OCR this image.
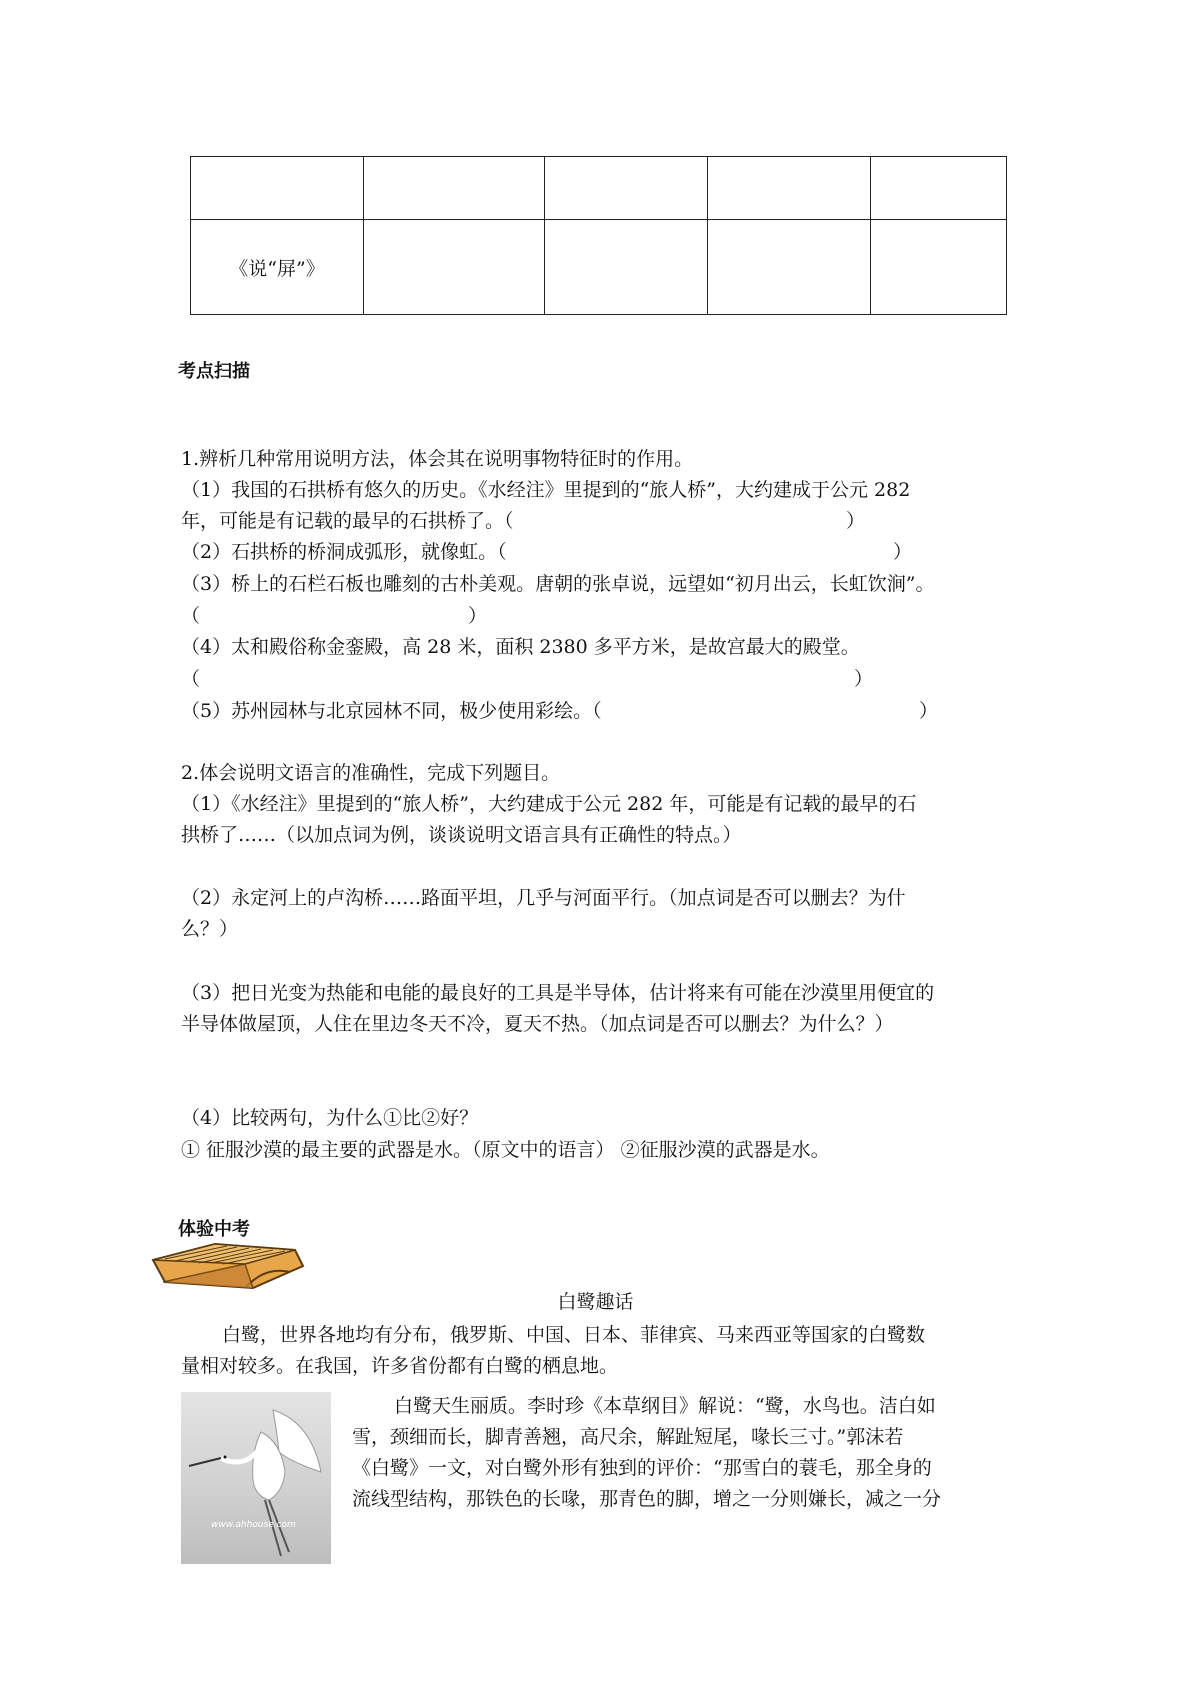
《说“屏”》				
考点扫描
1.辨析几种常用说明方法，体会其在说明事物特征时的作用。
（1）我国的石拱桥有悠久的历史。《水经注》里提到的“旅人桥”，大约建成于公元 282
年，可能是有记载的最早的石拱桥了。（	）
（2）石拱桥的桥洞成弧形，就像虹。（	）
（3）桥上的石栏石板也雕刻的古朴美观。唐朝的张卓说，远望如“初月出云，长虹饮涧”。
（	）
（4）太和殿俗称金銮殿，高 28 米，面积 2380 多平方米，是故宫最大的殿堂。
（	）
（5）苏州园林与北京园林不同，极少使用彩绘。（	）
2.体会说明文语言的准确性，完成下列题目。
（1）《水经注》里提到的“旅人桥”，大约建成于公元 282 年，可能是有记载的最早的石
拱桥了……（以加点词为例，谈谈说明文语言具有正确性的特点。）
（2）永定河上的卢沟桥……路面平坦，几乎与河面平行。（加点词是否可以删去？为什
么？）
（3）把日光变为热能和电能的最良好的工具是半导体，估计将来有可能在沙漠里用便宜的
半导体做屋顶，人住在里边冬天不冷，夏天不热。（加点词是否可以删去？为什么？）
（4）比较两句，为什么①比②好？
① 征服沙漠的最主要的武器是水。（原文中的语言） ②征服沙漠的武器是水。
体验中考
白鹭趣话
白鹭，世界各地均有分布，俄罗斯、中国、日本、菲律宾、马来西亚等国家的白鹭数
量相对较多。在我国，许多省份都有白鹭的栖息地。
www.ahhouse.com
白鹭天生丽质。李时珍《本草纲目》解说：“鹭，水鸟也。洁白如
雪，颈细而长，脚青善翘，高尺余，解趾短尾，喙长三寸。”郭沫若
《白鹭》一文，对白鹭外形有独到的评价：“那雪白的蓑毛，那全身的
流线型结构，那铁色的长喙，那青色的脚，增之一分则嫌长，减之一分
